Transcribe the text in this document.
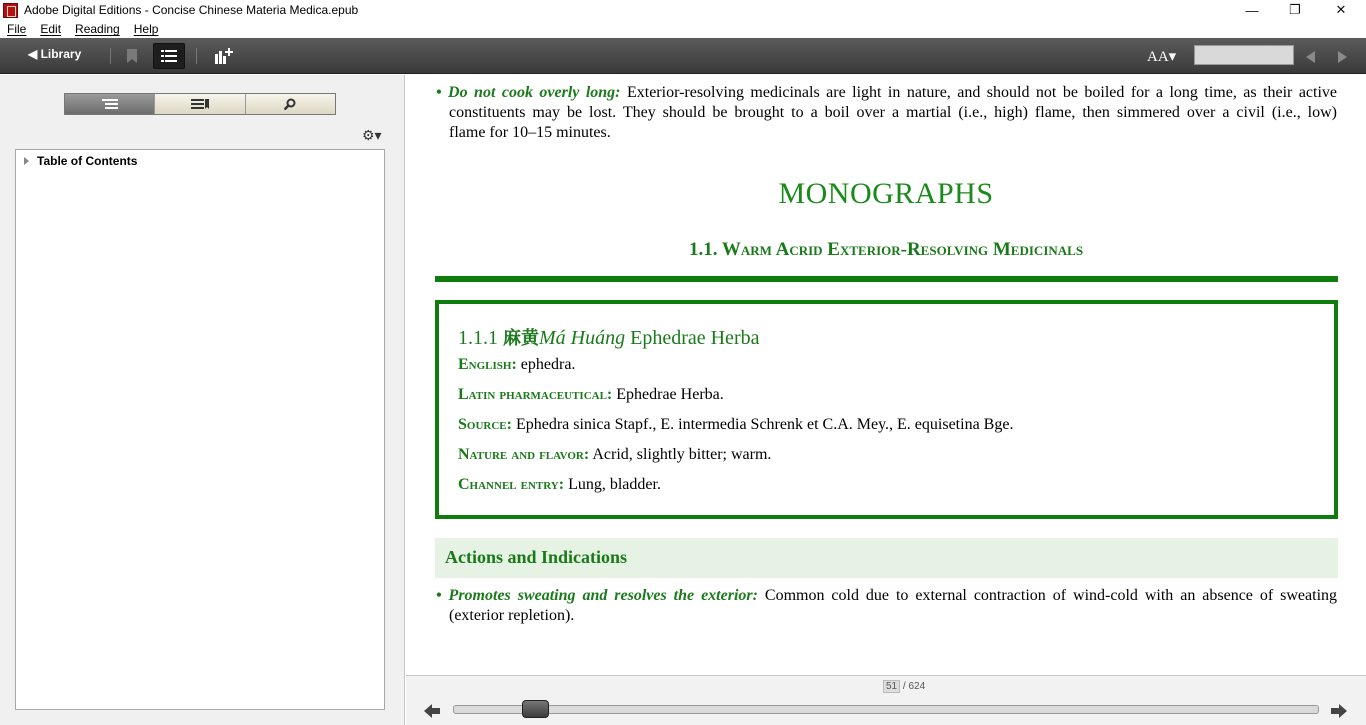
Adobe Digital Editions - Concise Chinese Materia Medica.epub	—	❐	✕
File Edit Reading Help
◀ Library	AA▾
⚙▾
Table of Contents
• Do not cook overly long: Exterior-resolving medicinals are light in nature, and should not be boiled for a long time, as their active
constituents may be lost. They should be brought to a boil over a martial (i.e., high) flame, then simmered over a civil (i.e., low)
flame for 10–15 minutes.
MONOGRAPHS
1.1. Warm Acrid Exterior-Resolving Medicinals
1.1.1 麻黄Má Huáng Ephedrae Herba
English: ephedra.
Latin pharmaceutical: Ephedrae Herba.
Source: Ephedra sinica Stapf., E. intermedia Schrenk et C.A. Mey., E. equisetina Bge.
Nature and flavor: Acrid, slightly bitter; warm.
Channel entry: Lung, bladder.
Actions and Indications
• Promotes sweating and resolves the exterior: Common cold due to external contraction of wind-cold with an absence of sweating
(exterior repletion).
51 / 624
